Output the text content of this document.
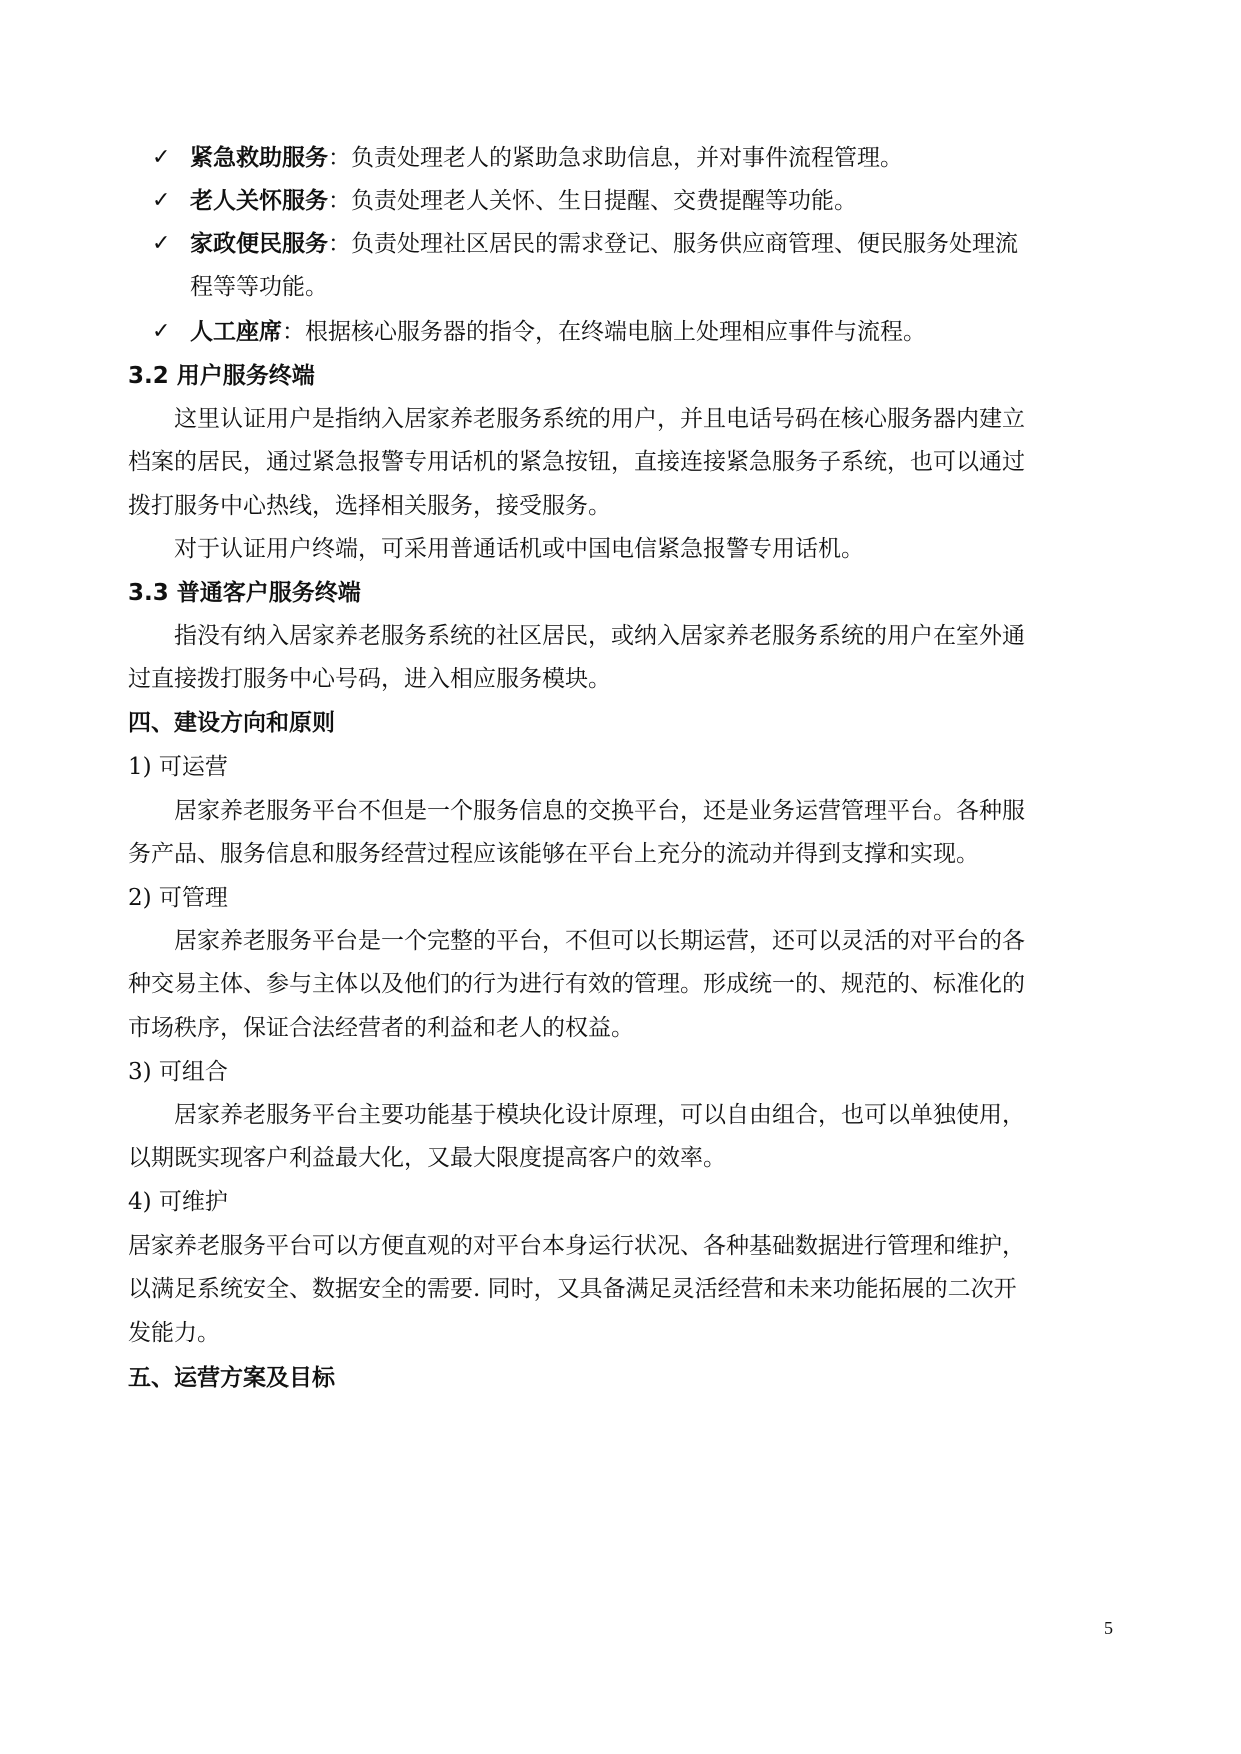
✓ 紧急救助服务：负责处理老人的紧助急求助信息，并对事件流程管理。
✓ 老人关怀服务：负责处理老人关怀、生日提醒、交费提醒等功能。
✓ 家政便民服务：负责处理社区居民的需求登记、服务供应商管理、便民服务处理流
程等等功能。
✓ 人工座席：根据核心服务器的指令，在终端电脑上处理相应事件与流程。
3.2 用户服务终端
这里认证用户是指纳入居家养老服务系统的用户，并且电话号码在核心服务器内建立
档案的居民，通过紧急报警专用话机的紧急按钮，直接连接紧急服务子系统，也可以通过
拨打服务中心热线，选择相关服务，接受服务。
对于认证用户终端，可采用普通话机或中国电信紧急报警专用话机。
3.3 普通客户服务终端
指没有纳入居家养老服务系统的社区居民，或纳入居家养老服务系统的用户在室外通
过直接拨打服务中心号码，进入相应服务模块。
四、建设方向和原则
1) 可运营
居家养老服务平台不但是一个服务信息的交换平台，还是业务运营管理平台。各种服
务产品、服务信息和服务经营过程应该能够在平台上充分的流动并得到支撑和实现。
2) 可管理
居家养老服务平台是一个完整的平台，不但可以长期运营，还可以灵活的对平台的各
种交易主体、参与主体以及他们的行为进行有效的管理。形成统一的、规范的、标准化的
市场秩序，保证合法经营者的利益和老人的权益。
3) 可组合
居家养老服务平台主要功能基于模块化设计原理，可以自由组合，也可以单独使用，
以期既实现客户利益最大化，又最大限度提高客户的效率。
4) 可维护
居家养老服务平台可以方便直观的对平台本身运行状况、各种基础数据进行管理和维护，
以满足系统安全、数据安全的需要. 同时，又具备满足灵活经营和未来功能拓展的二次开
发能力。
五、运营方案及目标
5
